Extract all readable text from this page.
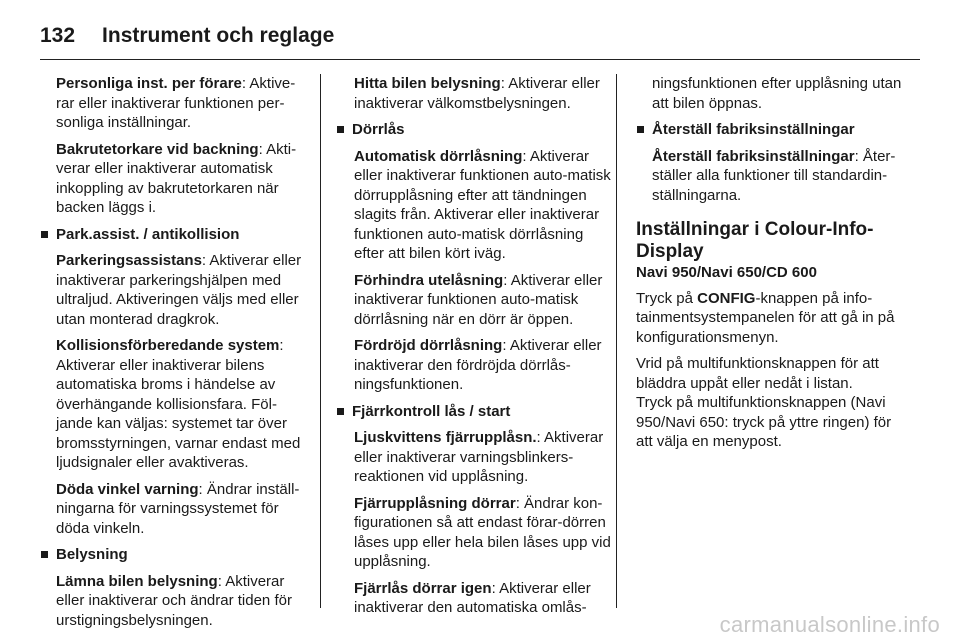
132 Instrument och reglage

Personliga inst. per förare: Aktive-rar eller inaktiverar funktionen per-sonliga inställningar.

Bakrutetorkare vid backning: Akti-verar eller inaktiverar automatisk inkoppling av bakrutetorkaren när backen läggs i.

Park.assist. / antikollision

Parkeringsassistans: Aktiverar eller inaktiverar parkeringshjälpen med ultraljud. Aktiveringen väljs med eller utan monterad dragkrok.

Kollisionsförberedande system: Aktiverar eller inaktiverar bilens automatiska broms i händelse av överhängande kollisionsfara. Föl-jande kan väljas: systemet tar över bromsstyrningen, varnar endast med ljudsignaler eller avaktiveras.

Döda vinkel varning: Ändrar inställ-ningarna för varningssystemet för döda vinkeln.

Belysning

Lämna bilen belysning: Aktiverar eller inaktiverar och ändrar tiden för urstigningsbelysningen.

Hitta bilen belysning: Aktiverar eller inaktiverar välkomstbelysningen.

Dörrlås

Automatisk dörrlåsning: Aktiverar eller inaktiverar funktionen auto-matisk dörrupplåsning efter att tändningen slagits från. Aktiverar eller inaktiverar funktionen auto-matisk dörrlåsning efter att bilen kört iväg.

Förhindra utelåsning: Aktiverar eller inaktiverar funktionen auto-matisk dörrlåsning när en dörr är öppen.

Fördröjd dörrlåsning: Aktiverar eller inaktiverar den fördröjda dörrlås-ningsfunktionen.

Fjärrkontroll lås / start

Ljuskvittens fjärrupplåsn.: Aktiverar eller inaktiverar varningsblinkers-reaktionen vid upplåsning.

Fjärrupplåsning dörrar: Ändrar kon-figurationen så att endast förar-dörren låses upp eller hela bilen låses upp vid upplåsning.

Fjärrlås dörrar igen: Aktiverar eller inaktiverar den automatiska omlås-

ningsfunktionen efter upplåsning utan att bilen öppnas.

Återställ fabriksinställningar

Återställ fabriksinställningar: Åter-ställer alla funktioner till standardin-ställningarna.

Inställningar i Colour-Info-Display
Navi 950/Navi 650/CD 600

Tryck på CONFIG-knappen på info-tainmentsystempanelen för att gå in på konfigurationsmenyn.

Vrid på multifunktionsknappen för att bläddra uppåt eller nedåt i listan.

Tryck på multifunktionsknappen (Navi 950/Navi 650: tryck på yttre ringen) för att välja en menypost.

carmanualsonline.info
